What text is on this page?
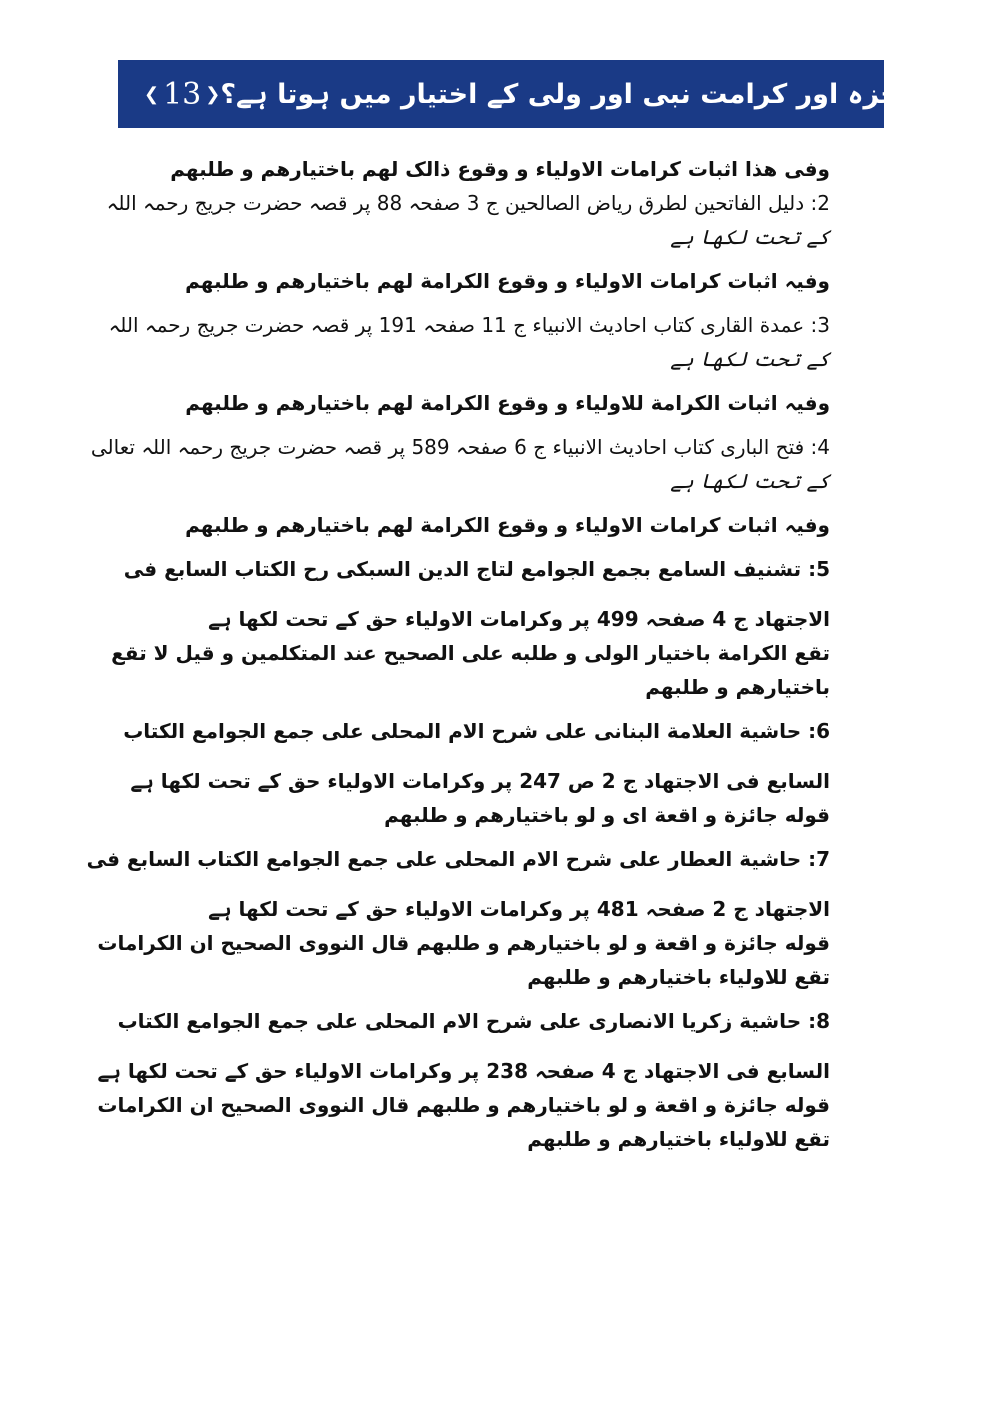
❮ 13 ❯ کیامعجزہ اور کرامت نبی اور ولی کے اختیار میں ہوتا ہے؟
وفی ھذا اثبات کرامات الاولیاء و وقوع ذالک لھم باختیارھم و طلبھم
2: دلیل الفاتحین لطرق ریاض الصالحین ج 3 صفحہ 88 پر قصہ حضرت جریج رحمہ اللہ
کے تحت لکھا ہے
وفیہ اثبات کرامات الاولیاء و وقوع الکرامة لھم باختیارھم و طلبھم
3: عمدة القاری کتاب احادیث الانبیاء ج 11 صفحہ 191 پر قصہ حضرت جریج رحمہ اللہ
کے تحت لکھا ہے
وفیہ اثبات الکرامة للاولیاء و وقوع الکرامة لھم باختیارھم و طلبھم
4: فتح الباری کتاب احادیث الانبیاء ج 6 صفحہ 589 پر قصہ حضرت جریج رحمہ اللہ تعالی
کے تحت لکھا ہے
وفیہ اثبات کرامات الاولیاء و وقوع الکرامة لھم باختیارھم و طلبھم
5: تشنیف السامع بجمع الجوامع لتاج الدین السبکی رح الکتاب السابع فی
الاجتھاد ج 4 صفحہ 499 پر وکرامات الاولیاء حق کے تحت لکھا ہے
تقع الکرامة باختیار الولی و طلبه علی الصحیح عند المتکلمین و قیل لا تقع
باختیارھم و طلبھم
6: حاشیة العلامة البنانی علی شرح الام المحلی علی جمع الجوامع الکتاب
السابع فی الاجتھاد ج 2 ص 247 پر وکرامات الاولیاء حق کے تحت لکھا ہے
قوله جائزة و اقعة ای و لو باختیارھم و طلبھم
7: حاشیة العطار علی شرح الام المحلی علی جمع الجوامع الکتاب السابع فی
الاجتھاد ج 2 صفحہ 481 پر وکرامات الاولیاء حق کے تحت لکھا ہے
قوله جائزة و اقعة و لو باختیارھم و طلبھم قال النووی الصحیح ان الکرامات
تقع للاولیاء باختیارھم و طلبھم
8: حاشیة زکریا الانصاری علی شرح الام المحلی علی جمع الجوامع الکتاب
السابع فی الاجتھاد ج 4 صفحہ 238 پر وکرامات الاولیاء حق کے تحت لکھا ہے
قوله جائزة و اقعة و لو باختیارھم و طلبھم قال النووی الصحیح ان الکرامات
تقع للاولیاء باختیارھم و طلبھم
